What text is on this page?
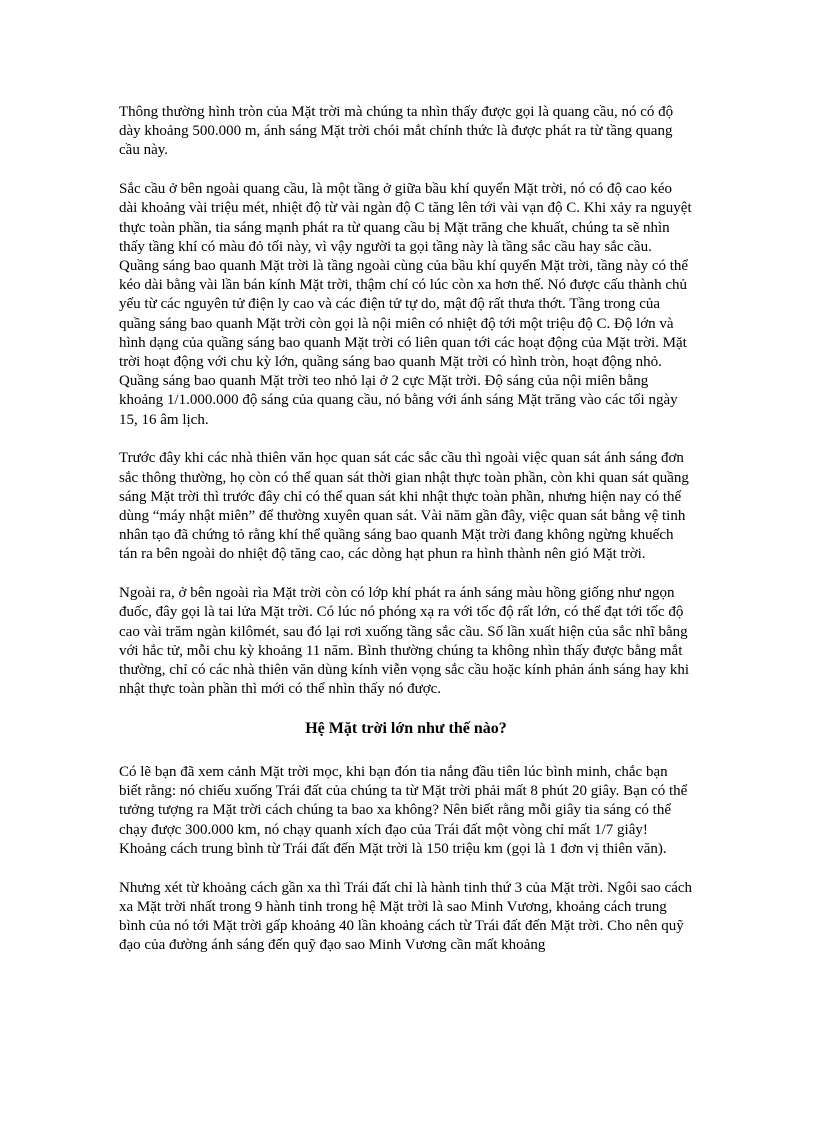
Thông thường hình tròn của Mặt trời mà chúng ta nhìn thấy được gọi là quang cầu, nó có độ dày khoảng 500.000 m, ánh sáng Mặt trời chói mắt chính thức là được phát ra từ tầng quang cầu này.

Sắc cầu ở bên ngoài quang cầu, là một tầng ở giữa bầu khí quyển Mặt trời, nó có độ cao kéo dài khoảng vài triệu mét, nhiệt độ từ vài ngàn độ C tăng lên tới vài vạn độ C. Khi xảy ra nguyệt thực toàn phần, tia sáng mạnh phát ra từ quang cầu bị Mặt trăng che khuất, chúng ta sẽ nhìn thấy tầng khí có màu đỏ tối này, vì vậy người ta gọi tầng này là tầng sắc cầu hay sắc cầu. Quầng sáng bao quanh Mặt trời là tầng ngoài cùng của bầu khí quyển Mặt trời, tầng này có thể kéo dài bằng vài lần bán kính Mặt trời, thậm chí có lúc còn xa hơn thế. Nó được cấu thành chủ yếu từ các nguyên tử điện ly cao và các điện tử tự do, mật độ rất thưa thớt. Tầng trong của quầng sáng bao quanh Mặt trời còn gọi là nội miên có nhiệt độ tới một triệu độ C. Độ lớn và hình dạng của quầng sáng bao quanh Mặt trời có liên quan tới các hoạt động của Mặt trời. Mặt trời hoạt động với chu kỳ lớn, quầng sáng bao quanh Mặt trời có hình tròn, hoạt động nhỏ. Quầng sáng bao quanh Mặt trời teo nhỏ lại ở 2 cực Mặt trời. Độ sáng của nội miên bằng khoảng 1/1.000.000 độ sáng của quang cầu, nó bằng với ánh sáng Mặt trăng vào các tối ngày 15, 16 âm lịch.

Trước đây khi các nhà thiên văn học quan sát các sắc cầu thì ngoài việc quan sát ánh sáng đơn sắc thông thường, họ còn có thể quan sát thời gian nhật thực toàn phần, còn khi quan sát quầng sáng Mặt trời thì trước đây chỉ có thể quan sát khi nhật thực toàn phần, nhưng hiện nay có thể dùng “máy nhật miên” để thường xuyên quan sát. Vài năm gần đây, việc quan sát bằng vệ tinh nhân tạo đã chứng tỏ rằng khí thể quầng sáng bao quanh Mặt trời đang không ngừng khuếch tán ra bên ngoài do nhiệt độ tăng cao, các dòng hạt phun ra hình thành nên gió Mặt trời.

Ngoài ra, ở bên ngoài rìa Mặt trời còn có lớp khí phát ra ánh sáng màu hồng giống như ngọn đuốc, đây gọi là tai lửa Mặt trời. Có lúc nó phóng xạ ra với tốc độ rất lớn, có thể đạt tới tốc độ cao vài trăm ngàn kilômét, sau đó lại rơi xuống tầng sắc cầu. Số lần xuất hiện của sắc nhĩ bằng với hắc tử, mỗi chu kỳ khoảng 11 năm. Bình thường chúng ta không nhìn thấy được bằng mắt thường, chỉ có các nhà thiên văn dùng kính viễn vọng sắc cầu hoặc kính phản ánh sáng hay khi nhật thực toàn phần thì mới có thể nhìn thấy nó được.

Hệ Mặt trời lớn như thế nào?

Có lẽ bạn đã xem cảnh Mặt trời mọc, khi bạn đón tia nắng đầu tiên lúc bình minh, chắc bạn biết rằng: nó chiếu xuống Trái đất của chúng ta từ Mặt trời phải mất 8 phút 20 giây. Bạn có thể tưởng tượng ra Mặt trời cách chúng ta bao xa không? Nên biết rằng mỗi giây tia sáng có thể chạy được 300.000 km, nó chạy quanh xích đạo của Trái đất một vòng chỉ mất 1/7 giây! Khoảng cách trung bình từ Trái đất đến Mặt trời là 150 triệu km (gọi là 1 đơn vị thiên văn).

Nhưng xét từ khoảng cách gần xa thì Trái đất chỉ là hành tinh thứ 3 của Mặt trời. Ngôi sao cách xa Mặt trời nhất trong 9 hành tinh trong hệ Mặt trời là sao Minh Vương, khoảng cách trung bình của nó tới Mặt trời gấp khoảng 40 lần khoảng cách từ Trái đất đến Mặt trời. Cho nên quỹ đạo của đường ánh sáng đến quỹ đạo sao Minh Vương cần mất khoảng
